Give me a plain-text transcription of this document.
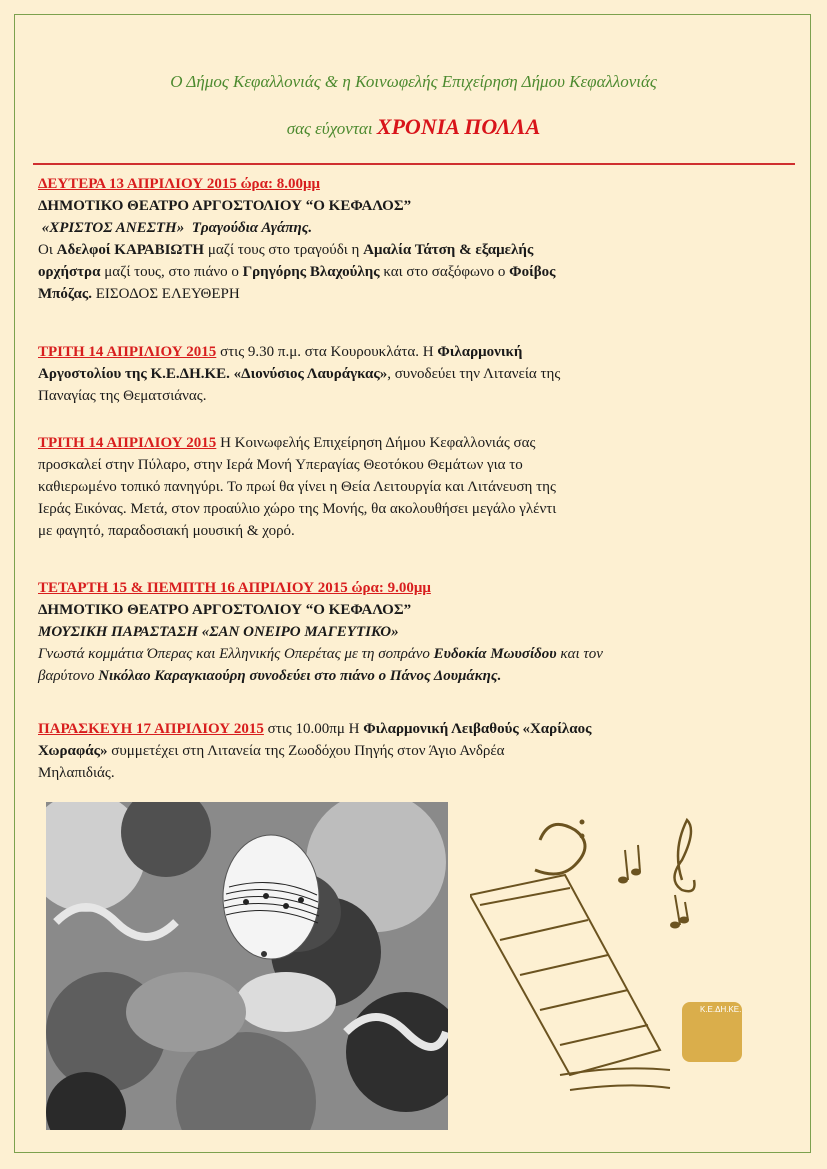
Ο Δήμος Κεφαλλονιάς & η Κοινωφελής Επιχείρηση Δήμου Κεφαλλονιάς
σας εύχονται ΧΡΟΝΙΑ ΠΟΛΛΑ
ΔΕΥΤΕΡΑ 13 ΑΠΡΙΛΙΟΥ 2015 ώρα: 8.00μμ
ΔΗΜΟΤΙΚΟ ΘΕΑΤΡΟ ΑΡΓΟΣΤΟΛΙΟΥ “Ο ΚΕΦΑΛΟΣ”
«ΧΡΙΣΤΟΣ ΑΝΕΣΤΗ» Τραγούδια Αγάπης.
Οι Αδελφοί ΚΑΡΑΒΙΩΤΗ μαζί τους στο τραγούδι η Αμαλία Τάτση & εξαμελής
ορχήστρα μαζί τους, στο πιάνο ο Γρηγόρης Βλαχούλης και στο σαξόφωνο ο Φοίβος
Μπόζας. ΕΙΣΟΔΟΣ ΕΛΕΥΘΕΡΗ
ΤΡΙΤΗ 14 ΑΠΡΙΛΙΟΥ 2015 στις 9.30 π.μ. στα Κουρουκλάτα. Η Φιλαρμονική
Αργοστολίου της Κ.Ε.ΔΗ.ΚΕ. «Διονύσιος Λαυράγκας», συνοδεύει την Λιτανεία της
Παναγίας της Θεματσιάνας.
ΤΡΙΤΗ 14 ΑΠΡΙΛΙΟΥ 2015 Η Κοινωφελής Επιχείρηση Δήμου Κεφαλλονιάς σας
προσκαλεί στην Πύλαρο, στην Ιερά Μονή Υπεραγίας Θεοτόκου Θεμάτων για το
καθιερωμένο τοπικό πανηγύρι. Το πρωί θα γίνει η Θεία Λειτουργία και Λιτάνευση της
Ιεράς Εικόνας. Μετά, στον προαύλιο χώρο της Μονής, θα ακολουθήσει μεγάλο γλέντι
με φαγητό, παραδοσιακή μουσική & χορό.
ΤΕΤΑΡΤΗ 15 & ΠΕΜΠΤΗ 16 ΑΠΡΙΛΙΟΥ 2015 ώρα: 9.00μμ
ΔΗΜΟΤΙΚΟ ΘΕΑΤΡΟ ΑΡΓΟΣΤΟΛΙΟΥ “Ο ΚΕΦΑΛΟΣ”
ΜΟΥΣΙΚΗ ΠΑΡΑΣΤΑΣΗ «ΣΑΝ ΟΝΕΙΡΟ ΜΑΓΕΥΤΙΚΟ»
Γνωστά κομμάτια Όπερας και Ελληνικής Οπερέτας με τη σοπράνο Ευδοκία Μωυσίδου και τον
βαρύτονο Νικόλαο Καραγκιαούρη συνοδεύει στο πιάνο ο Πάνος Δουμάκης.
ΠΑΡΑΣΚΕΥΗ 17 ΑΠΡΙΛΙΟΥ 2015 στις 10.00πμ Η Φιλαρμονική Λειβαθούς «Χαρίλαος
Χωραφάς» συμμετέχει στη Λιτανεία της Ζωοδόχου Πηγής στον Άγιο Ανδρέα
Μηλαπιδιάς.
Κ.Ε.ΔΗ.ΚΕ.
